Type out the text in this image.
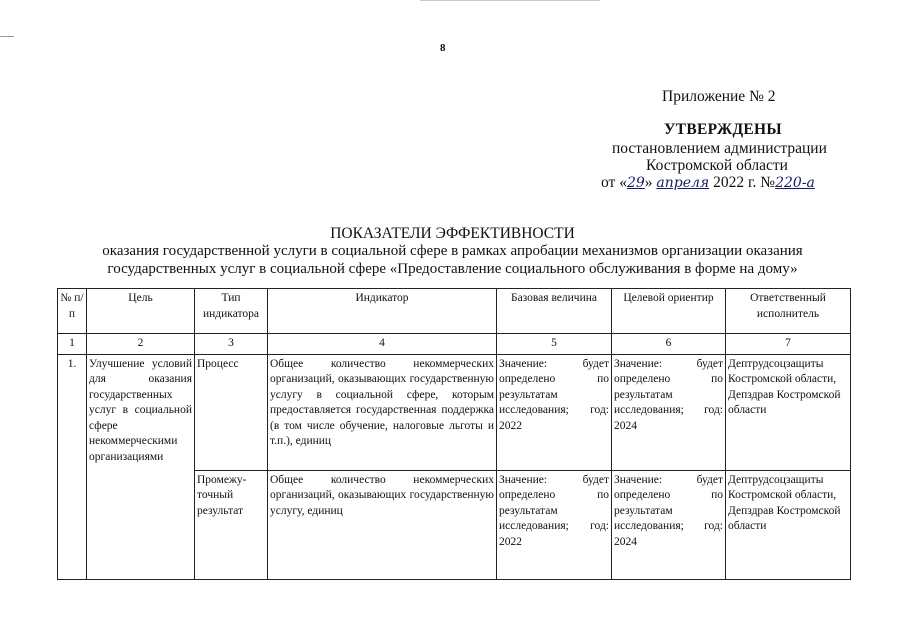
8
Приложение № 2
УТВЕРЖДЕНЫ
постановлением администрации
Костромской области
от «29» апреля 2022 г. №220-а
ПОКАЗАТЕЛИ ЭФФЕКТИВНОСТИ
оказания государственной услуги в социальной сфере в рамках апробации механизмов организации оказания
государственных услуг в социальной сфере «Предоставление социального обслуживания в форме на дому»
№ п/п	Цель	Тип индикатора	Индикатор	Базовая величина	Целевой ориентир	Ответственный исполнитель
1	2	3	4	5	6	7
1.	Улучшение условий для оказания государственных услуг в социальной сфере некоммерческими организациями	Процесс	Общее количество некоммерческих организаций, оказывающих государственную услугу в социальной сфере, которым предоставляется государственная поддержка (в том числе обучение, налоговые льготы и т.п.), единиц	Значение: будет определено по результатам исследования; год: 2022	Значение: будет определено по результатам исследования; год: 2024	Дептрудсоцзащиты Костромской области, Депздрав Костромской области
		Промежу-точный результат	Общее количество некоммерческих организаций, оказывающих государственную услугу, единиц	Значение: будет определено по результатам исследования; год: 2022	Значение: будет определено по результатам исследования; год: 2024	Дептрудсоцзащиты Костромской области, Депздрав Костромской области
